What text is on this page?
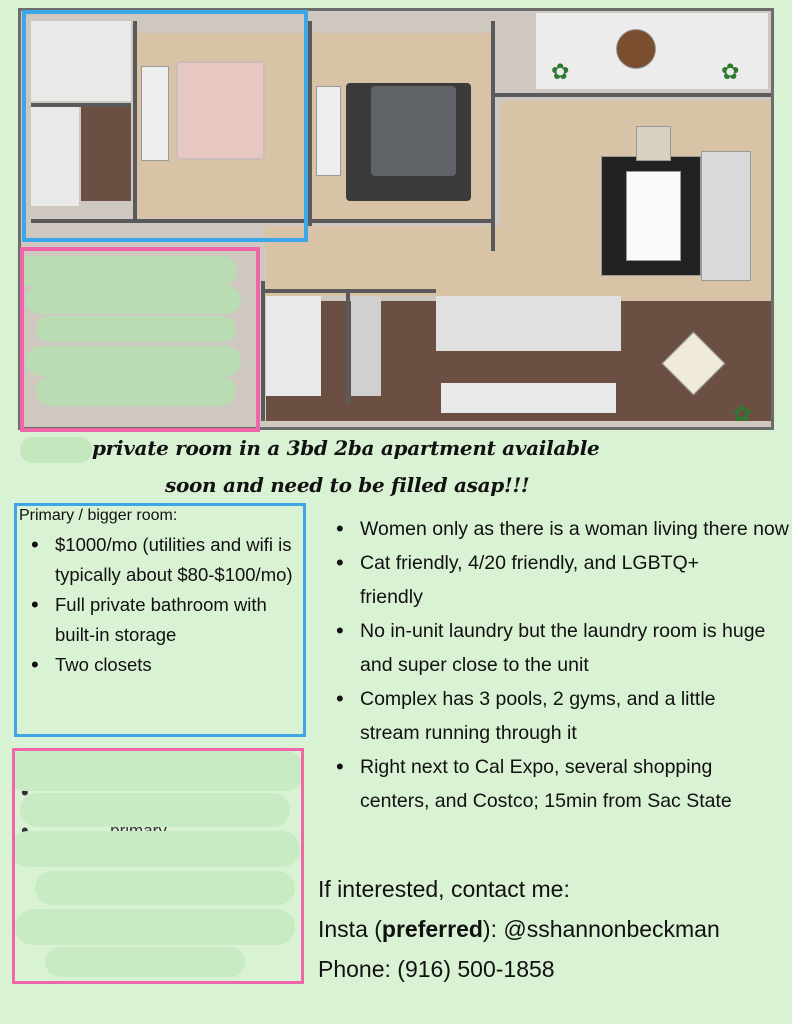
✿	✿
✿
private room in a 3bd 2ba apartment available
soon and need to be filled asap!!!
Primary / bigger room:
• $1000/mo (utilities and wifi is typically about $80-$100/mo)
• Full private bathroom with built-in storage
• Two closets
•
•
• Women only as there is a woman living there now
• Cat friendly, 4/20 friendly, and LGBTQ+ friendly
• No in-unit laundry but the laundry room is huge and super close to the unit
• Complex has 3 pools, 2 gyms, and a little stream running through it
• Right next to Cal Expo, several shopping centers, and Costco; 15min from Sac State
If interested, contact me:
Insta (preferred): @sshannonbeckman
Phone: (916) 500-1858
